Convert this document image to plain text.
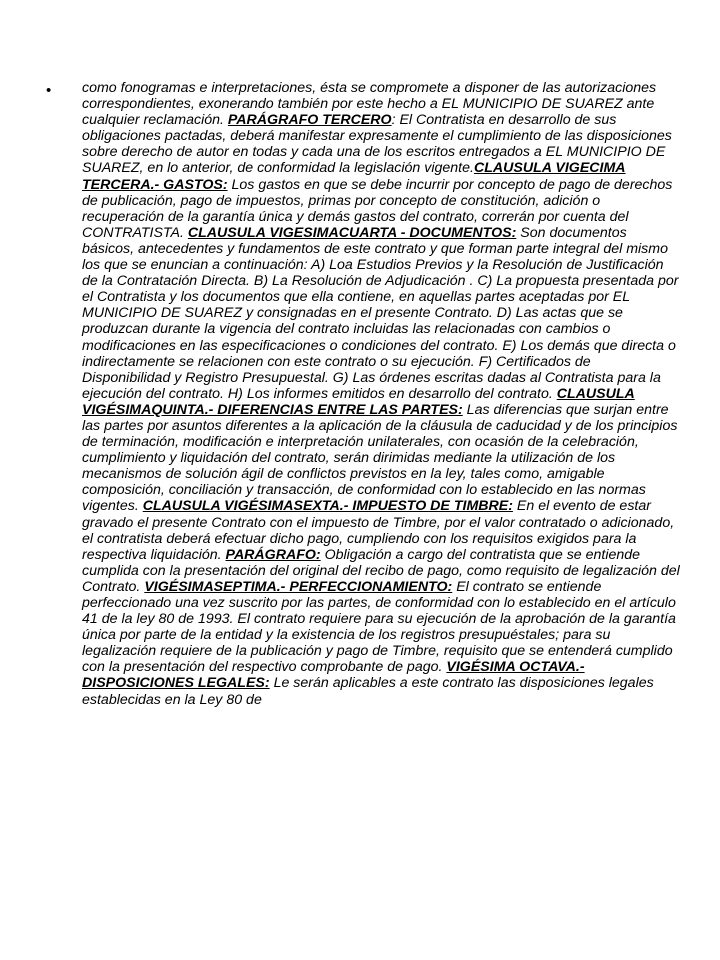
• como fonogramas e interpretaciones, ésta se compromete a disponer de las autorizaciones correspondientes, exonerando también por este hecho a EL MUNICIPIO DE SUAREZ ante cualquier reclamación. PARÁGRAFO TERCERO: El Contratista en desarrollo de sus obligaciones pactadas, deberá manifestar expresamente el cumplimiento de las disposiciones sobre derecho de autor en todas y cada una de los escritos entregados a EL MUNICIPIO DE SUAREZ, en lo anterior, de conformidad la legislación vigente.CLAUSULA VIGECIMA TERCERA.- GASTOS: Los gastos en que se debe incurrir por concepto de pago de derechos de publicación, pago de impuestos, primas por concepto de constitución, adición o recuperación de la garantía única y demás gastos del contrato, correrán por cuenta del CONTRATISTA. CLAUSULA VIGESIMACUARTA - DOCUMENTOS: Son documentos básicos, antecedentes y fundamentos de este contrato y que forman parte integral del mismo los que se enuncian a continuación: A) Loa Estudios Previos y la Resolución de Justificación de la Contratación Directa. B) La Resolución de Adjudicación . C) La propuesta presentada por el Contratista y los documentos que ella contiene, en aquellas partes aceptadas por EL MUNICIPIO DE SUAREZ y consignadas en el presente Contrato. D) Las actas que se produzcan durante la vigencia del contrato incluidas las relacionadas con cambios o modificaciones en las especificaciones o condiciones del contrato. E) Los demás que directa o indirectamente se relacionen con este contrato o su ejecución. F) Certificados de Disponibilidad y Registro Presupuestal. G) Las órdenes escritas dadas al Contratista para la ejecución del contrato. H) Los informes emitidos en desarrollo del contrato. CLAUSULA VIGÉSIMAQUINTA.- DIFERENCIAS ENTRE LAS PARTES: Las diferencias que surjan entre las partes por asuntos diferentes a la aplicación de la cláusula de caducidad y de los principios de terminación, modificación e interpretación unilaterales, con ocasión de la celebración, cumplimiento y liquidación del contrato, serán dirimidas mediante la utilización de los mecanismos de solución ágil de conflictos previstos en la ley, tales como, amigable composición, conciliación y transacción, de conformidad con lo establecido en las normas vigentes. CLAUSULA VIGÉSIMASEXTA.- IMPUESTO DE TIMBRE: En el evento de estar gravado el presente Contrato con el impuesto de Timbre, por el valor contratado o adicionado, el contratista deberá efectuar dicho pago, cumpliendo con los requisitos exigidos para la respectiva liquidación. PARÁGRAFO: Obligación a cargo del contratista que se entiende cumplida con la presentación del original del recibo de pago, como requisito de legalización del Contrato. VIGÉSIMASEPTIMA.- PERFECCIONAMIENTO: El contrato se entiende perfeccionado una vez suscrito por las partes, de conformidad con lo establecido en el artículo 41 de la ley 80 de 1993. El contrato requiere para su ejecución de la aprobación de la garantía única por parte de la entidad y la existencia de los registros presupuéstales; para su legalización requiere de la publicación y pago de Timbre, requisito que se entenderá cumplido con la presentación del respectivo comprobante de pago. VIGÉSIMA OCTAVA.- DISPOSICIONES LEGALES: Le serán aplicables a este contrato las disposiciones legales establecidas en la Ley 80 de
